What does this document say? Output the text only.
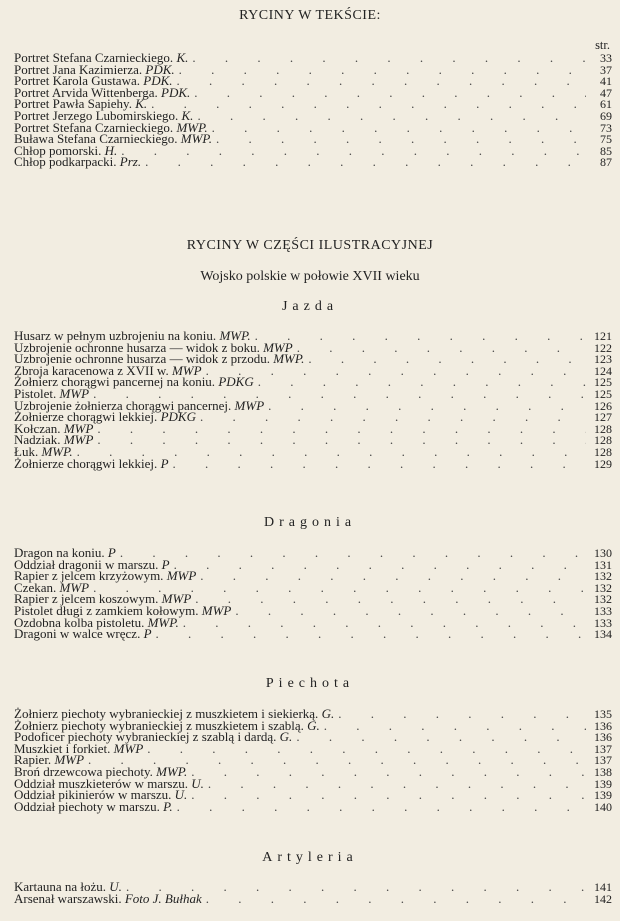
RYCINY W TEKŚCIE:
str.
Portret Stefana Czarnieckiego. K. . . .	33
Portret Jana Kazimierza. PDK. . . .	37
Portret Karola Gustawa. PDK. . . .	41
Portret Arvida Wittenberga. PDK. . . .	47
Portret Pawła Sapiehy. K. . . .	61
Portret Jerzego Lubomirskiego. K. . . .	69
Portret Stefana Czarnieckiego. MWP. . . .	73
Buława Stefana Czarnieckiego. MWP. . . .	75
Chłop pomorski. H. . . .	85
Chłop podkarpacki. Prz. . . .	87
RYCINY W CZĘŚCI ILUSTRACYJNEJ
Wojsko polskie w połowie XVII wieku
Jazda
Husarz w pełnym uzbrojeniu na koniu. MWP. . . .	121
Uzbrojenie ochronne husarza — widok z boku. MWP . . .	122
Uzbrojenie ochronne husarza — widok z przodu. MWP. . . .	123
Zbroja karacenowa z XVII w. MWP . . .	124
Żołnierz chorągwi pancernej na koniu. PDKG . . .	125
Pistolet. MWP . . .	125
Uzbrojenie żołnierza chorągwi pancernej. MWP . . .	126
Żołnierze chorągwi lekkiej. PDKG . . .	127
Kołczan. MWP . . .	128
Nadziak. MWP . . .	128
Łuk. MWP. . . .	128
Żołnierze chorągwi lekkiej. P . . .	129
Dragonia
Dragon na koniu. P . . .	130
Oddział dragonii w marszu. P . . .	131
Rapier z jelcem krzyżowym. MWP . . .	132
Czekan. MWP . . .	132
Rapier z jelcem koszowym. MWP . . .	132
Pistolet długi z zamkiem kołowym. MWP . . .	133
Ozdobna kolba pistoletu. MWP. . . .	133
Dragoni w walce wręcz. P . . .	134
Piechota
Żołnierz piechoty wybranieckiej z muszkietem i siekierką. G. . . .	135
Żołnierz piechoty wybranieckiej z muszkietem i szablą. G. . . .	136
Podoficer piechoty wybranieckiej z szablą i dardą. G. . . .	136
Muszkiet i forkiet. MWP . . .	137
Rapier. MWP . . .	137
Broń drzewcowa piechoty. MWP. . . .	138
Oddział muszkieterów w marszu. U. . . .	139
Oddział pikinierów w marszu. U. . . .	139
Oddział piechoty w marszu. P. . . .	140
Artyleria
Kartauna na łożu. U. . . .	141
Arsenał warszawski. Foto J. Bułhak . . .	142
